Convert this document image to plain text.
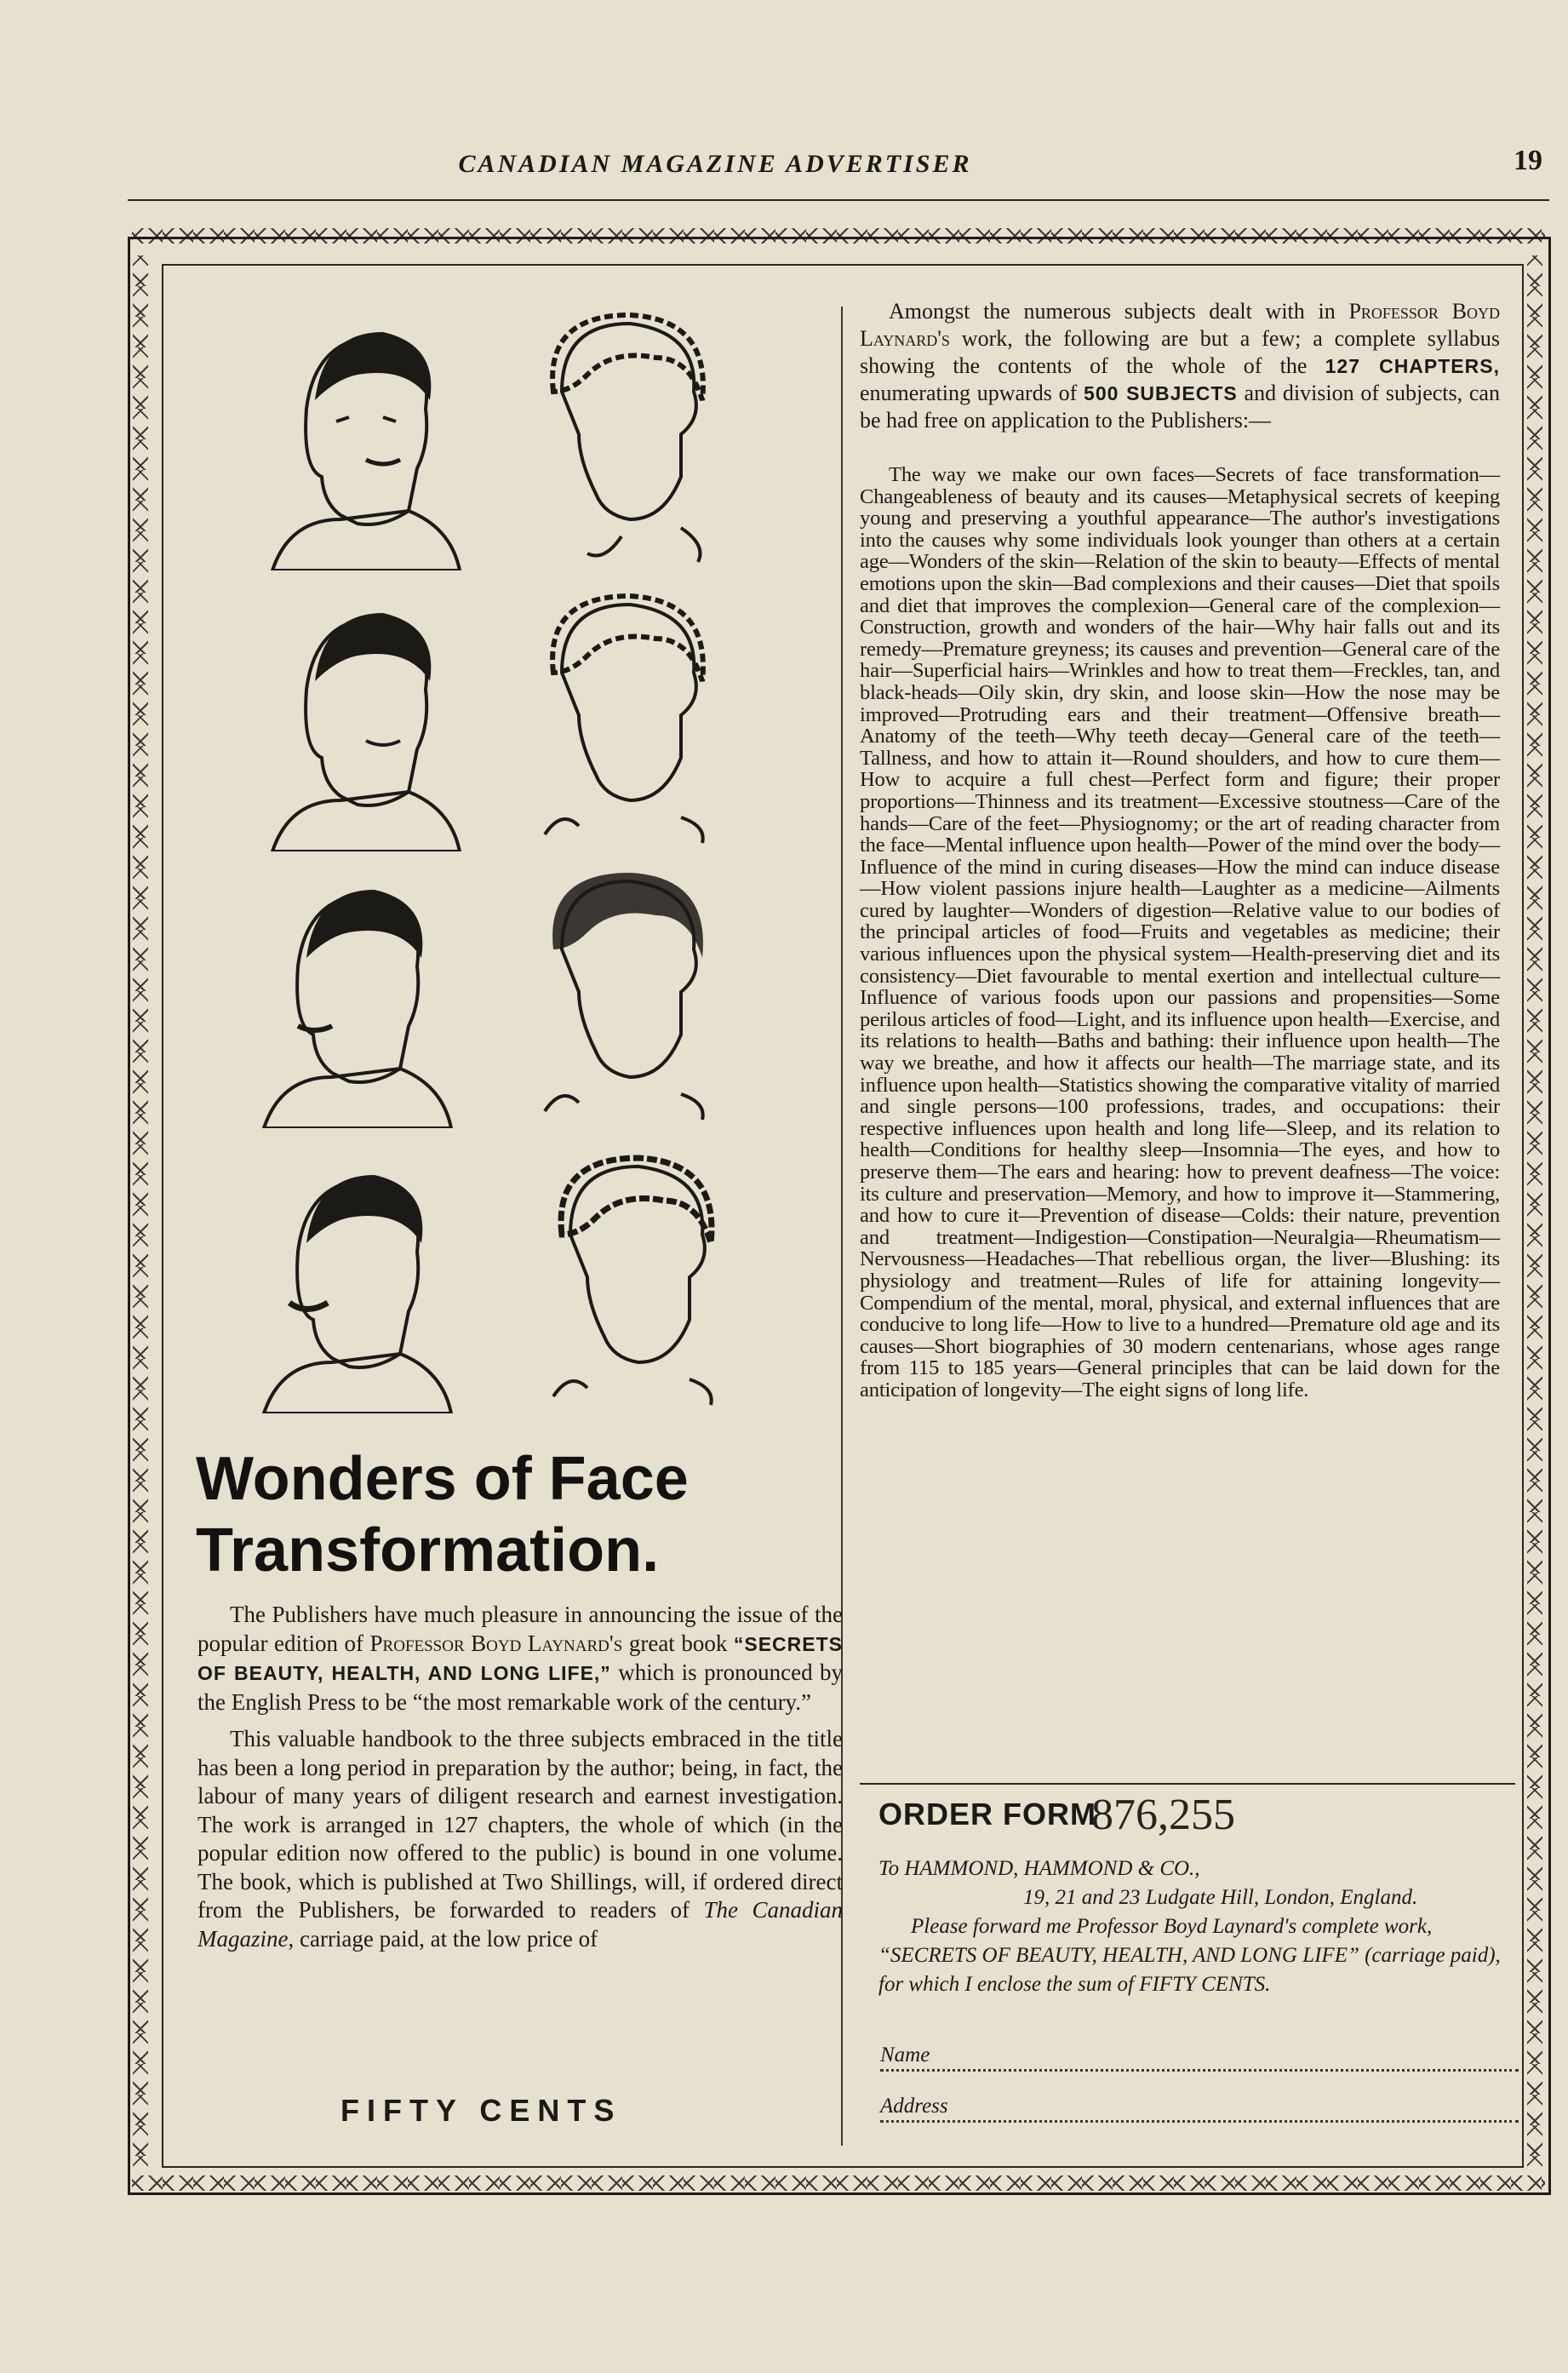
CANADIAN MAGAZINE ADVERTISER	19
Wonders of Face
Transformation.

The Publishers have much pleasure in announcing the issue of the popular edition of Professor Boyd Laynard's great book “SECRETS OF BEAUTY, HEALTH, AND LONG LIFE,” which is pronounced by the English Press to be “the most remarkable work of the century.”

This valuable handbook to the three subjects embraced in the title has been a long period in preparation by the author; being, in fact, the labour of many years of diligent research and earnest investigation. The work is arranged in 127 chapters, the whole of which (in the popular edition now offered to the public) is bound in one volume. The book, which is published at Two Shillings, will, if ordered direct from the Publishers, be forwarded to readers of The Canadian Magazine, carriage paid, at the low price of

FIFTY CENTS

Amongst the numerous subjects dealt with in Professor Boyd Laynard's work, the following are but a few; a complete syllabus showing the contents of the whole of the 127 CHAPTERS, enumerating upwards of 500 SUBJECTS and division of subjects, can be had free on application to the Publishers:—

The way we make our own faces—Secrets of face transformation—Changeableness of beauty and its causes—Metaphysical secrets of keeping young and preserving a youthful appearance—The author's investigations into the causes why some individuals look younger than others at a certain age—Wonders of the skin—Relation of the skin to beauty—Effects of mental emotions upon the skin—Bad complexions and their causes—Diet that spoils and diet that improves the complexion—General care of the complexion—Construction, growth and wonders of the hair—Why hair falls out and its remedy—Premature greyness; its causes and prevention—General care of the hair—Superficial hairs—Wrinkles and how to treat them—Freckles, tan, and black-heads—Oily skin, dry skin, and loose skin—How the nose may be improved—Protruding ears and their treatment—Offensive breath—Anatomy of the teeth—Why teeth decay—General care of the teeth—Tallness, and how to attain it—Round shoulders, and how to cure them—How to acquire a full chest—Perfect form and figure; their proper proportions—Thinness and its treatment—Excessive stoutness—Care of the hands—Care of the feet—Physiognomy; or the art of reading character from the face—Mental influence upon health—Power of the mind over the body—Influence of the mind in curing diseases—How the mind can induce disease—How violent passions injure health—Laughter as a medicine—Ailments cured by laughter—Wonders of digestion—Relative value to our bodies of the principal articles of food—Fruits and vegetables as medicine; their various influences upon the physical system—Health-preserving diet and its consistency—Diet favourable to mental exertion and intellectual culture—Influence of various foods upon our passions and propensities—Some perilous articles of food—Light, and its influence upon health—Exercise, and its relations to health—Baths and bathing: their influence upon health—The way we breathe, and how it affects our health—The marriage state, and its influence upon health—Statistics showing the comparative vitality of married and single persons—100 professions, trades, and occupations: their respective influences upon health and long life—Sleep, and its relation to health—Conditions for healthy sleep—Insomnia—The eyes, and how to preserve them—The ears and hearing: how to prevent deafness—The voice: its culture and preservation—Memory, and how to improve it—Stammering, and how to cure it—Prevention of disease—Colds: their nature, prevention and treatment—Indigestion—Constipation—Neuralgia—Rheumatism—Nervousness—Headaches—That rebellious organ, the liver—Blushing: its physiology and treatment—Rules of life for attaining longevity—Compendium of the mental, moral, physical, and external influences that are conducive to long life—How to live to a hundred—Premature old age and its causes—Short biographies of 30 modern centenarians, whose ages range from 115 to 185 years—General principles that can be laid down for the anticipation of longevity—The eight signs of long life.

ORDER FORM
876,255

To HAMMOND, HAMMOND & CO.,

19, 21 and 23 Ludgate Hill, London, England.

Please forward me Professor Boyd Laynard's complete work, “SECRETS OF BEAUTY, HEALTH, AND LONG LIFE” (carriage paid), for which I enclose the sum of FIFTY CENTS.

Name
Address
